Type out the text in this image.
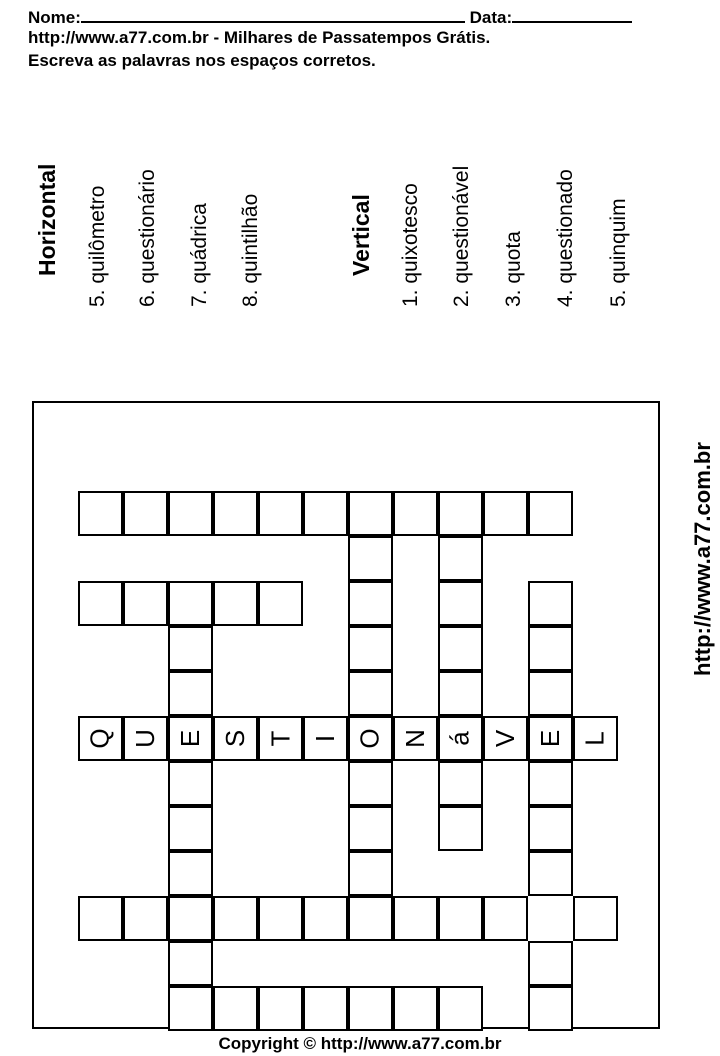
Nome:	Data:
http://www.a77.com.br - Milhares de Passatempos Grátis.
Escreva as palavras nos espaços corretos.
Horizontal 5. quilômetro 6. questionário 7. quádrica 8. quintilhão	Vertical 1. quixotesco 2. questionável 3. quota 4. questionado 5. quinquim
http://www.a77.com.br
Q U E S T I O N á V E L
Copyright © http://www.a77.com.br
